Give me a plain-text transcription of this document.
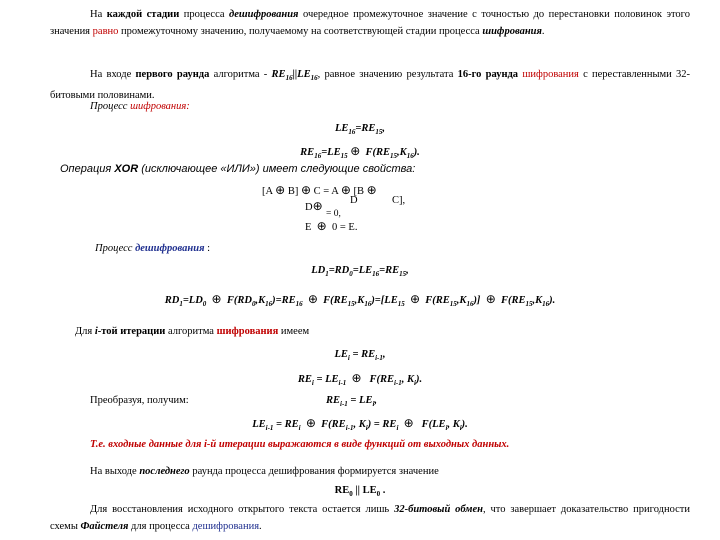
На каждой стадии процесса дешифрования очередное промежуточное значение с точностью до перестановки половинок этого значения равно промежуточному значению, получаемому на соответствующей стадии процесса шифрования.
На входе первого раунда алгоритма - $RE_{16}||LE_{16}$, равное значению результата 16-го раунда шифрования с переставленными 32-битовыми половинами.
Процесс шифрования:
$LE_{16}=RE_{15}$,
$RE_{16}=LE_{15}$ ⊕ $F(RE_{15},K_{16})$.
Операция XOR (исключающее «ИЛИ») имеет следующие свойства:
[A ⊕ B] ⊕ C = A ⊕ [B ⊕
C],
D⊕	D
= 0,
E ⊕ 0 = E.
Процесс дешифрования :
$LD_1=RD_0=LE_{16}=RE_{15}$,
$RD_1=LD_0$ ⊕ $F(RD_0,K_{16})=RE_{16}$ ⊕ $F(RE_{15},K_{16})=[LE_{15}$ ⊕ $F(RE_{15},K_{16})$] ⊕ $F(RE_{15},K_{16})$.
Для i-той итерации алгоритма шифрования имеем
$LE_i = RE_{i-1}$,
$RE_i = LE_{i-1}$ ⊕ $F(RE_{i-1}$, $K_i$).
Преобразуя, получим:	$RE_{i-1} = LE_i$,
$LE_{i-1} = RE_i$ ⊕ $F(RE_{i-1}$, $K_i) = RE_i$ ⊕ $F(LE_i$, $K_i$).
Т.е. входные данные для i-й итерации выражаются в виде функций от выходных данных.
На выходе последнего раунда процесса дешифрования формируется значение
$RE_0$ || $LE_0$ .
Для восстановления исходного открытого текста остается лишь 32-битовый обмен, что завершает доказательство пригодности схемы Файстеля для процесса дешифрования.
